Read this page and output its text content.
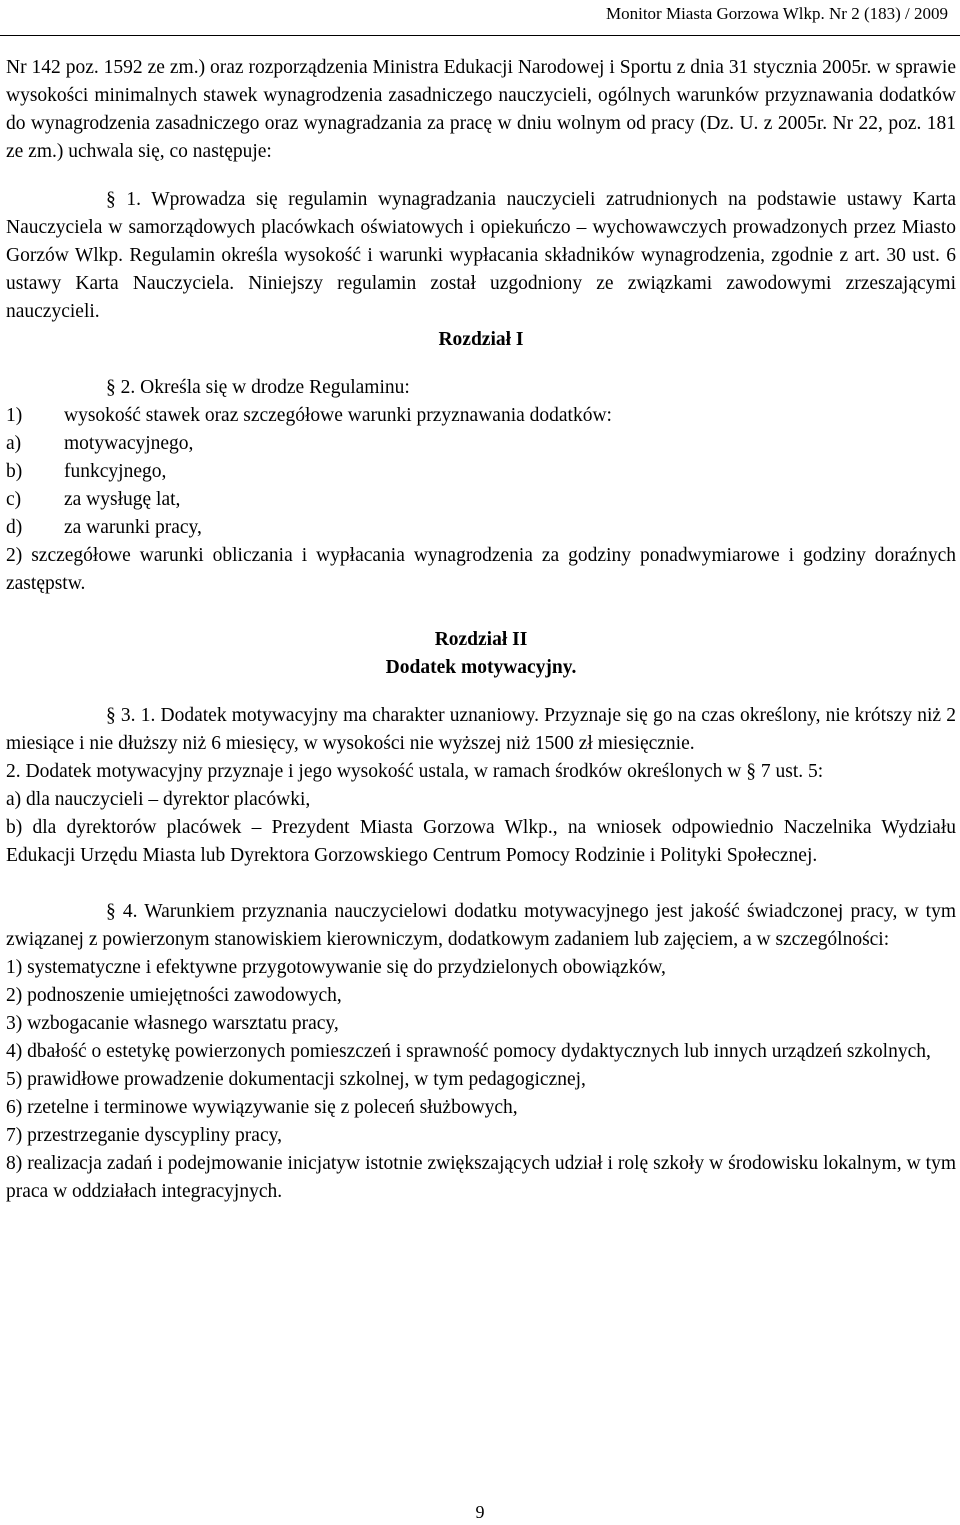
Monitor Miasta Gorzowa Wlkp. Nr 2 (183) / 2009

Nr 142 poz. 1592 ze zm.) oraz rozporządzenia Ministra Edukacji Narodowej i Sportu z dnia 31 stycznia 2005r. w sprawie wysokości minimalnych stawek wynagrodzenia zasadniczego nauczycieli, ogólnych warunków przyznawania dodatków do wynagrodzenia zasadniczego oraz wynagradzania za pracę w dniu wolnym od pracy (Dz. U. z 2005r. Nr 22, poz. 181 ze zm.) uchwala się, co następuje:

§ 1. Wprowadza się regulamin wynagradzania nauczycieli zatrudnionych na podstawie ustawy Karta Nauczyciela w samorządowych placówkach oświatowych i opiekuńczo – wychowawczych prowadzonych przez Miasto Gorzów Wlkp. Regulamin określa wysokość i warunki wypłacania składników wynagrodzenia, zgodnie z art. 30 ust. 6 ustawy Karta Nauczyciela. Niniejszy regulamin został uzgodniony ze związkami zawodowymi zrzeszającymi nauczycieli.

Rozdział I

§ 2. Określa się w drodze Regulaminu:

1)	wysokość stawek oraz szczegółowe warunki przyznawania dodatków:
a)	motywacyjnego,
b)	funkcyjnego,
c)	za wysługę lat,
d)	za warunki pracy,

2) szczegółowe warunki obliczania i wypłacania wynagrodzenia za godziny ponadwymiarowe i godziny doraźnych zastępstw.

Rozdział II

Dodatek motywacyjny.

§ 3. 1. Dodatek motywacyjny ma charakter uznaniowy. Przyznaje się go na czas określony, nie krótszy niż 2 miesiące i nie dłuższy niż 6 miesięcy, w wysokości nie wyższej niż 1500 zł miesięcznie.

2. Dodatek motywacyjny przyznaje i jego wysokość ustala, w ramach środków określonych w § 7 ust. 5:

a) dla nauczycieli – dyrektor placówki,

b) dla dyrektorów placówek – Prezydent Miasta Gorzowa Wlkp., na wniosek odpowiednio Naczelnika Wydziału Edukacji Urzędu Miasta lub Dyrektora Gorzowskiego Centrum Pomocy Rodzinie i Polityki Społecznej.

§ 4. Warunkiem przyznania nauczycielowi dodatku motywacyjnego jest jakość świadczonej pracy, w tym związanej z powierzonym stanowiskiem kierowniczym, dodatkowym zadaniem lub zajęciem, a w szczególności:

1) systematyczne i efektywne przygotowywanie się do przydzielonych obowiązków,

2) podnoszenie umiejętności zawodowych,

3) wzbogacanie własnego warsztatu pracy,

4) dbałość o estetykę powierzonych pomieszczeń i sprawność pomocy dydaktycznych lub innych urządzeń szkolnych,

5) prawidłowe prowadzenie dokumentacji szkolnej, w tym pedagogicznej,

6) rzetelne i terminowe wywiązywanie się z poleceń służbowych,

7) przestrzeganie dyscypliny pracy,

8) realizacja zadań i podejmowanie inicjatyw istotnie zwiększających udział i rolę szkoły w środowisku lokalnym, w tym praca w oddziałach integracyjnych.

9
